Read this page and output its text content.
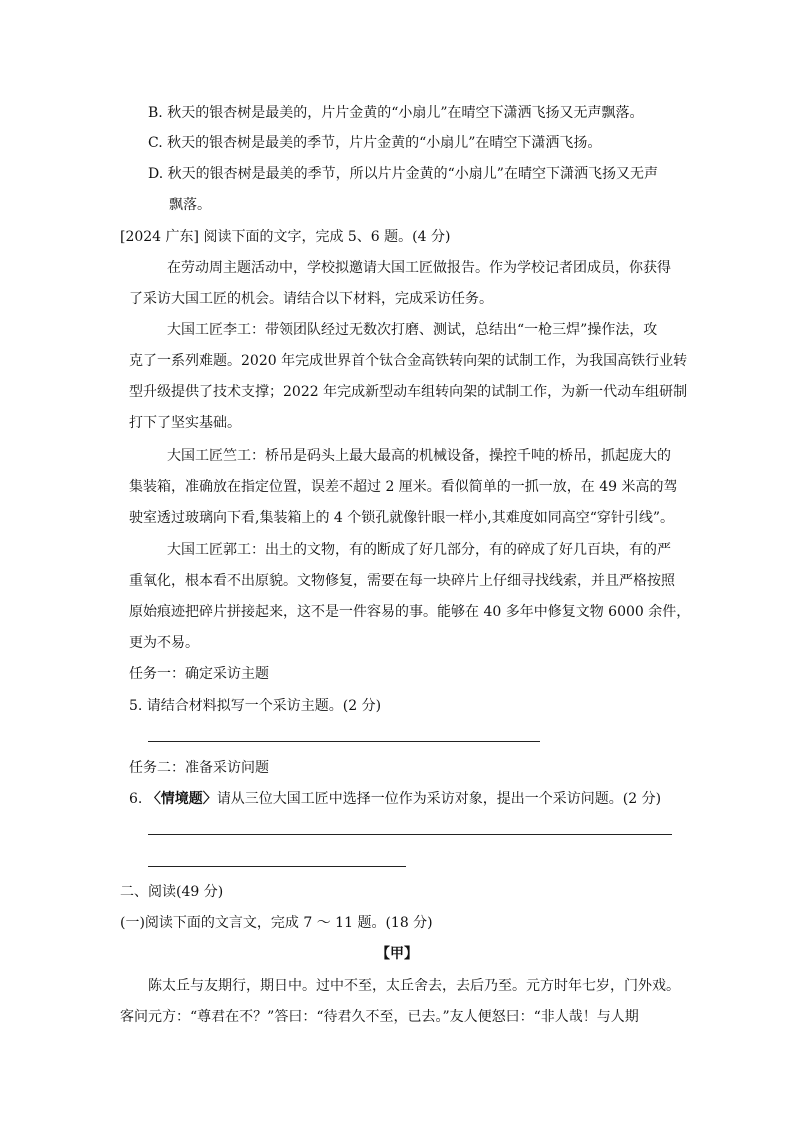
B. 秋天的银杏树是最美的，片片金黄的“小扇儿”在晴空下潇洒飞扬又无声飘落。
C. 秋天的银杏树是最美的季节，片片金黄的“小扇儿”在晴空下潇洒飞扬。
D. 秋天的银杏树是最美的季节，所以片片金黄的“小扇儿”在晴空下潇洒飞扬又无声
飘落。
[2024 广东] 阅读下面的文字，完成 5、6 题。(4 分)
在劳动周主题活动中，学校拟邀请大国工匠做报告。作为学校记者团成员，你获得
了采访大国工匠的机会。请结合以下材料，完成采访任务。
大国工匠李工：带领团队经过无数次打磨、测试，总结出“一枪三焊”操作法，攻
克了一系列难题。2020 年完成世界首个钛合金高铁转向架的试制工作，为我国高铁行业转
型升级提供了技术支撑；2022 年完成新型动车组转向架的试制工作，为新一代动车组研制
打下了坚实基础。
大国工匠竺工：桥吊是码头上最大最高的机械设备，操控千吨的桥吊，抓起庞大的
集装箱，准确放在指定位置，误差不超过 2 厘米。看似简单的一抓一放，在 49 米高的驾
驶室透过玻璃向下看,集装箱上的 4 个锁孔就像针眼一样小,其难度如同高空“穿针引线”。
大国工匠郭工：出土的文物，有的断成了好几部分，有的碎成了好几百块，有的严
重氧化，根本看不出原貌。文物修复，需要在每一块碎片上仔细寻找线索，并且严格按照
原始痕迹把碎片拼接起来，这不是一件容易的事。能够在 40 多年中修复文物 6000 余件，
更为不易。
任务一：确定采访主题
5. 请结合材料拟写一个采访主题。(2 分)
任务二：准备采访问题
6. 〈情境题〉请从三位大国工匠中选择一位作为采访对象，提出一个采访问题。(2 分)
二、阅读(49 分)
(一)阅读下面的文言文，完成 7 ～ 11 题。(18 分)
【甲】
陈太丘与友期行，期日中。过中不至，太丘舍去，去后乃至。元方时年七岁，门外戏。
客问元方：“尊君在不？”答曰：“待君久不至，已去。”友人便怒曰：“非人哉！与人期
